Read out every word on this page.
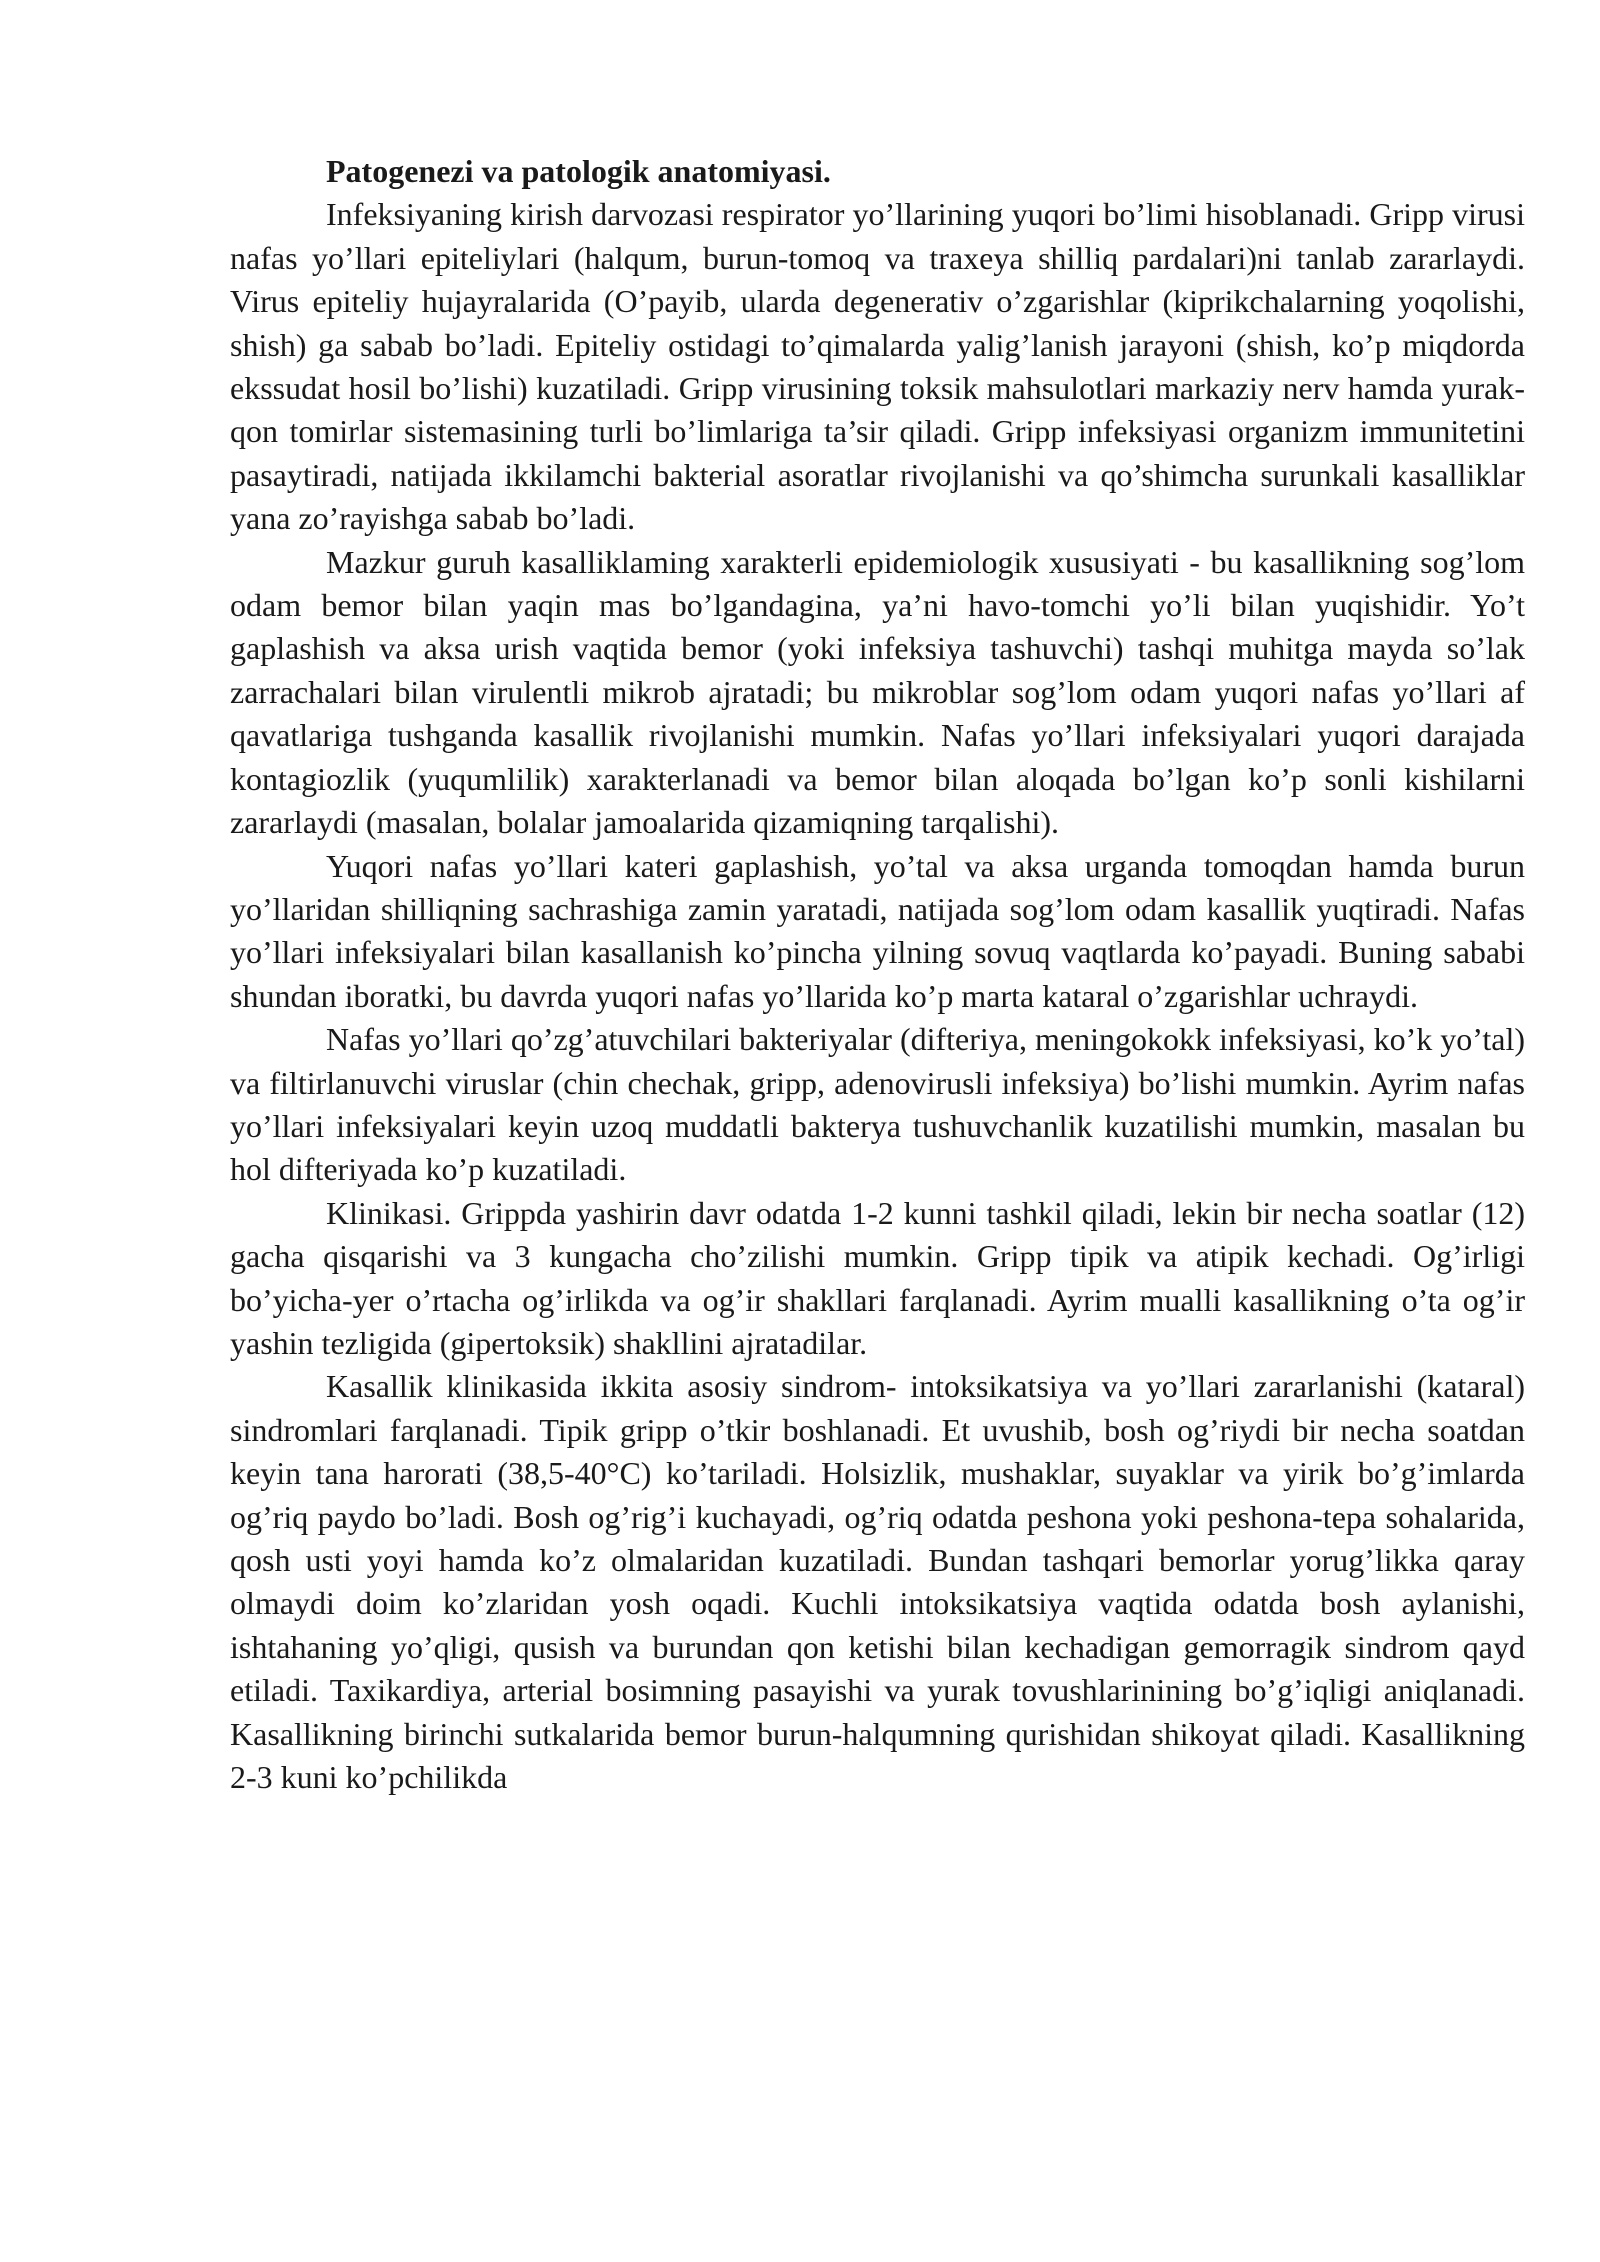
Patogenezi va patologik anatomiyasi.

Infeksiyaning kirish darvozasi respirator yo’llarining yuqori bo’limi hisoblanadi. Gripp virusi nafas yo’llari epiteliylari (halqum, burun-tomoq va traxeya shilliq pardalari)ni tanlab zararlaydi. Virus epiteliy hujayralarida (O’payib, ularda degenerativ o’zgarishlar (kiprikchalarning yoqolishi, shish) ga sabab bo’ladi. Epiteliy ostidagi to’qimalarda yalig’lanish jarayoni (shish, ko’p miqdorda ekssudat hosil bo’lishi) kuzatiladi. Gripp virusining toksik mahsulotlari markaziy nerv hamda yurak-qon tomirlar sistemasining turli bo’limlariga ta’sir qiladi. Gripp infeksiyasi organizm immunitetini pasaytiradi, natijada ikkilamchi bakterial asoratlar rivojlanishi va qo’shimcha surunkali kasalliklar yana zo’rayishga sabab bo’ladi.

Mazkur guruh kasalliklaming xarakterli epidemiologik xususiyati - bu kasallikning sog’lom odam bemor bilan yaqin mas bo’lgandagina, ya’ni havo-tomchi yo’li bilan yuqishidir. Yo’t gaplashish va aksa urish vaqtida bemor (yoki infeksiya tashuvchi) tashqi muhitga mayda so’lak zarrachalari bilan virulentli mikrob ajratadi; bu mikroblar sog’lom odam yuqori nafas yo’llari af qavatlariga tushganda kasallik rivojlanishi mumkin. Nafas yo’llari infeksiyalari yuqori darajada kontagiozlik (yuqumlilik) xarakterlanadi va bemor bilan aloqada bo’lgan ko’p sonli kishilarni zararlaydi (masalan, bolalar jamoalarida qizamiqning tarqalishi).

Yuqori nafas yo’llari kateri gaplashish, yo’tal va aksa urganda tomoqdan hamda burun yo’llaridan shilliqning sachrashiga zamin yaratadi, natijada sog’lom odam kasallik yuqtiradi. Nafas yo’llari infeksiyalari bilan kasallanish ko’pincha yilning sovuq vaqtlarda ko’payadi. Buning sababi shundan iboratki, bu davrda yuqori nafas yo’llarida ko’p marta kataral o’zgarishlar uchraydi.

Nafas yo’llari qo’zg’atuvchilari bakteriyalar (difteriya, meningokokk infeksiyasi, ko’k yo’tal) va filtirlanuvchi viruslar (chin chechak, gripp, adenovirusli infeksiya) bo’lishi mumkin. Ayrim nafas yo’llari infeksiyalari keyin uzoq muddatli bakterya tushuvchanlik kuzatilishi mumkin, masalan bu hol difteriyada ko’p kuzatiladi.

Klinikasi. Grippda yashirin davr odatda 1-2 kunni tashkil qiladi, lekin bir necha soatlar (12) gacha qisqarishi va 3 kungacha cho’zilishi mumkin. Gripp tipik va atipik kechadi. Og’irligi bo’yicha-yer o’rtacha og’irlikda va og’ir shakllari farqlanadi. Ayrim mualli kasallikning o’ta og’ir yashin tezligida (gipertoksik) shakllini ajratadilar.

Kasallik klinikasida ikkita asosiy sindrom- intoksikatsiya va yo’llari zararlanishi (kataral) sindromlari farqlanadi. Tipik gripp o’tkir boshlanadi. Et uvushib, bosh og’riydi bir necha soatdan keyin tana harorati (38,5-40°C) ko’tariladi. Holsizlik, mushaklar, suyaklar va yirik bo’g’imlarda og’riq paydo bo’ladi. Bosh og’rig’i kuchayadi, og’riq odatda peshona yoki peshona-tepa sohalarida, qosh usti yoyi hamda ko’z olmalaridan kuzatiladi. Bundan tashqari bemorlar yorug’likka qaray olmaydi doim ko’zlaridan yosh oqadi. Kuchli intoksikatsiya vaqtida odatda bosh aylanishi, ishtahaning yo’qligi, qusish va burundan qon ketishi bilan kechadigan gemorragik sindrom qayd etiladi. Taxikardiya, arterial bosimning pasayishi va yurak tovushlarinining bo’g’iqligi aniqlanadi. Kasallikning birinchi sutkalarida bemor burun-halqumning qurishidan shikoyat qiladi. Kasallikning 2-3 kuni ko’pchilikda
